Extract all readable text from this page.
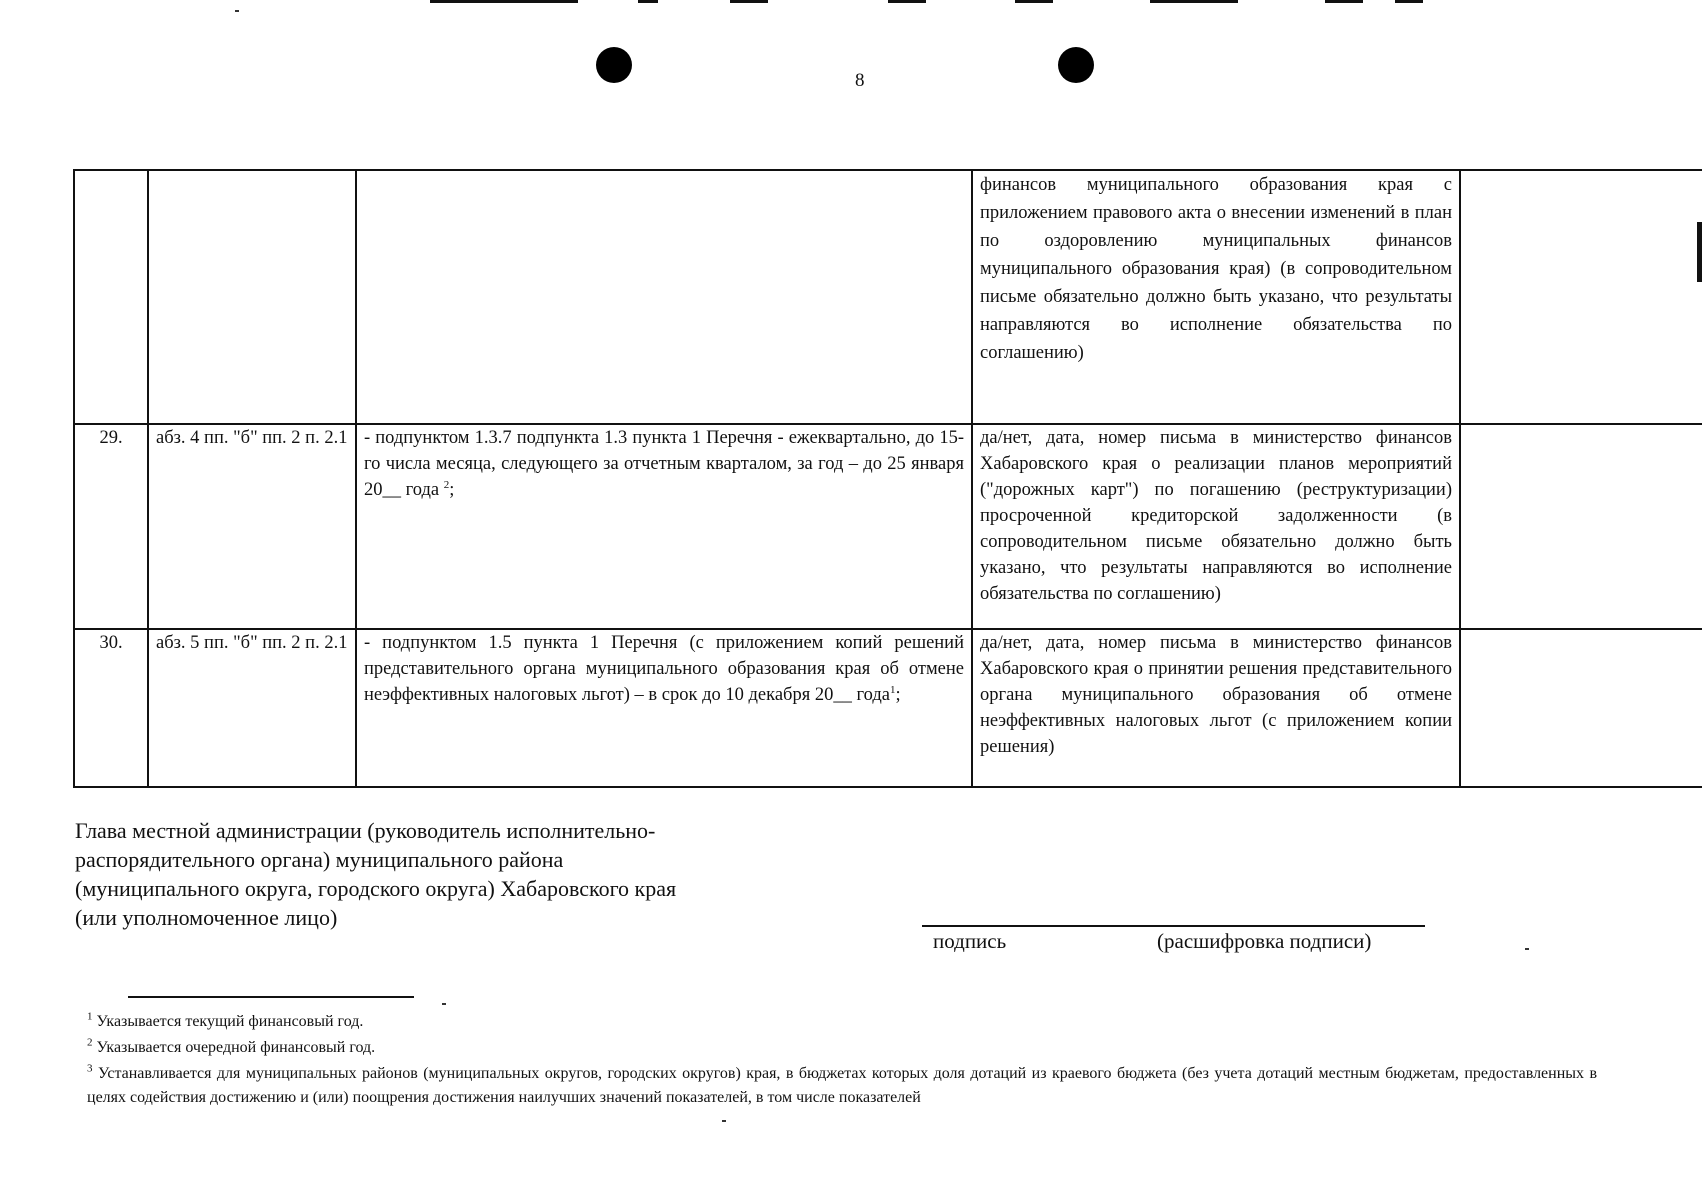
8
			финансов муниципального образования края с приложением правового акта о внесении изменений в план по оздоровлению муниципальных финансов муниципального образования края) (в сопроводительном письме обязательно должно быть указано, что результаты направляются во исполнение обязательства по соглашению)	
29.	абз. 4 пп. "б" пп. 2 п. 2.1	- подпунктом 1.3.7 подпункта 1.3 пункта 1 Перечня - ежеквартально, до 15-го числа месяца, следующего за отчетным кварталом, за год – до 25 января 20__ года $^2$;	да/нет, дата, номер письма в министерство финансов Хабаровского края о реализации планов мероприятий ("дорожных карт") по погашению (реструктуризации) просроченной кредиторской задолженности (в сопроводительном письме обязательно должно быть указано, что результаты направляются во исполнение обязательства по соглашению)	
30.	абз. 5 пп. "б" пп. 2 п. 2.1	- подпунктом 1.5 пункта 1 Перечня (с приложением копий решений представительного органа муниципального образования края об отмене неэффективных налоговых льгот) – в срок до 10 декабря 20__ года$^1$;	да/нет, дата, номер письма в министерство финансов Хабаровского края о принятии решения представительного органа муниципального образования об отмене неэффективных налоговых льгот (с приложением копии решения)	
Глава местной администрации (руководитель исполнительно-
распорядительного органа) муниципального района
(муниципального округа, городского округа) Хабаровского края
(или уполномоченное лицо)
подпись	(расшифровка подписи)
$^1$ Указывается текущий финансовый год.
$^2$ Указывается очередной финансовый год.
$^3$ Устанавливается для муниципальных районов (муниципальных округов, городских округов) края, в бюджетах которых доля дотаций из краевого бюджета (без учета дотаций местным бюджетам, предоставленных в целях содействия достижению и (или) поощрения достижения наилучших значений показателей, в том числе показателей
